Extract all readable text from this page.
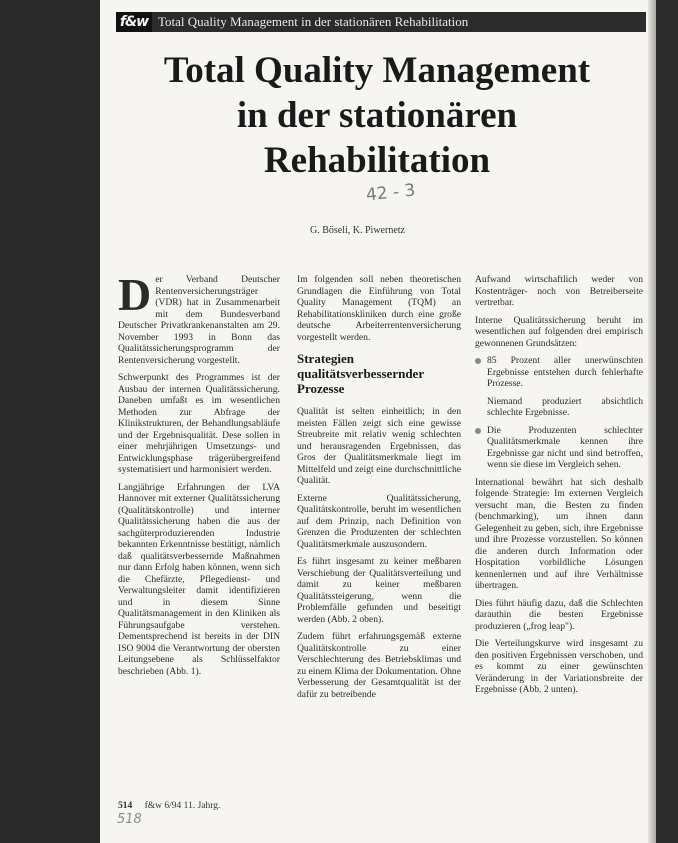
f&w Total Quality Management in der stationären Rehabilitation
Total Quality Management
in der stationären
Rehabilitation
42 - 3
G. Böseli, K. Piwernetz

Der Verband Deutscher Rentenversicherungsträger (VDR) hat in Zusammenarbeit mit dem Bundesverband Deutscher Privatkrankenanstalten am 29. November 1993 in Bonn das Qualitätssicherungsprogramm der Rentenversicherung vorgestellt.

Schwerpunkt des Programmes ist der Ausbau der internen Qualitätssicherung. Daneben umfaßt es im wesentlichen Methoden zur Abfrage der Klinikstrukturen, der Behandlungsabläufe und der Ergebnisqualität. Dese sollen in einer mehrjährigen Umsetzungs- und Entwicklungsphase trägerübergreifend systematisiert und harmonisiert werden.

Langjährige Erfahrungen der LVA Hannover mit externer Qualitätssicherung (Qualitätskontrolle) und interner Qualitätssicherung haben die aus der sachgüterproduzierenden Industrie bekannten Erkenntnisse bestätigt, nämlich daß qualitätsverbessernde Maßnahmen nur dann Erfolg haben können, wenn sich die Chefärzte, Pflegedienst- und Verwaltungsleiter damit identifizieren und in diesem Sinne Qualitätsmanagement in den Kliniken als Führungsaufgabe verstehen. Dementsprechend ist bereits in der DIN ISO 9004 die Verantwortung der obersten Leitungsebene als Schlüsselfaktor beschrieben (Abb. 1).

Im folgenden soll neben theoretischen Grundlagen die Einführung von Total Quality Management (TQM) an Rehabilitationskliniken durch eine große deutsche Arbeiterrentenversicherung vorgestellt werden.

Strategien qualitätsverbessernder Prozesse

Qualität ist selten einheitlich; in den meisten Fällen zeigt sich eine gewisse Streubreite mit relativ wenig schlechten und herausragenden Ergebnissen, das Gros der Qualitätsmerkmale liegt im Mittelfeld und zeigt eine durchschnittliche Qualität.

Externe Qualitätssicherung, Qualitätskontrolle, beruht im wesentlichen auf dem Prinzip, nach Definition von Grenzen die Produzenten der schlechten Qualitätsmerkmale auszusondern.

Es führt insgesamt zu keiner meßbaren Verschiebung der Qualitätsverteilung und damit zu keiner meßbaren Qualitätssteigerung, wenn die Problemfälle gefunden und beseitigt werden (Abb. 2 oben).

Zudem führt erfahrungsgemäß externe Qualitätskontrolle zu einer Verschlechterung des Betriebsklimas und zu einem Klima der Dokumentation. Ohne Verbesserung der Gesamtqualität ist der dafür zu betreibende

Aufwand wirtschaftlich weder von Kostenträger- noch von Betreiberseite vertretbar.

Interne Qualitätssicherung beruht im wesentlichen auf folgenden drei empirisch gewonnenen Grundsätzen:

85 Prozent aller unerwünschten Ergebnisse entstehen durch fehlerhafte Prozesse.

Niemand produziert absichtlich schlechte Ergebnisse.

Die Produzenten schlechter Qualitätsmerkmale kennen ihre Ergebnisse gar nicht und sind betroffen, wenn sie diese im Vergleich sehen.

International bewährt hat sich deshalb folgende Strategie: Im externen Vergleich versucht man, die Besten zu finden (benchmarking), um ihnen dann Gelegenheit zu geben, sich, ihre Ergebnisse und ihre Prozesse vorzustellen. So können die anderen durch Information oder Hospitation vorbildliche Lösungen kennenlernen und auf ihre Verhältnisse übertragen.

Dies führt häufig dazu, daß die Schlechten darauthin die besten Ergebnisse produzieren („frog leap").

Die Verteilungskurve wird insgesamt zu den positiven Ergebnissen verschoben, und es kommt zu einer gewünschten Veränderung in der Variationsbreite der Ergebnisse (Abb. 2 unten).

514 f&w 6/94 11. Jahrg.
518
